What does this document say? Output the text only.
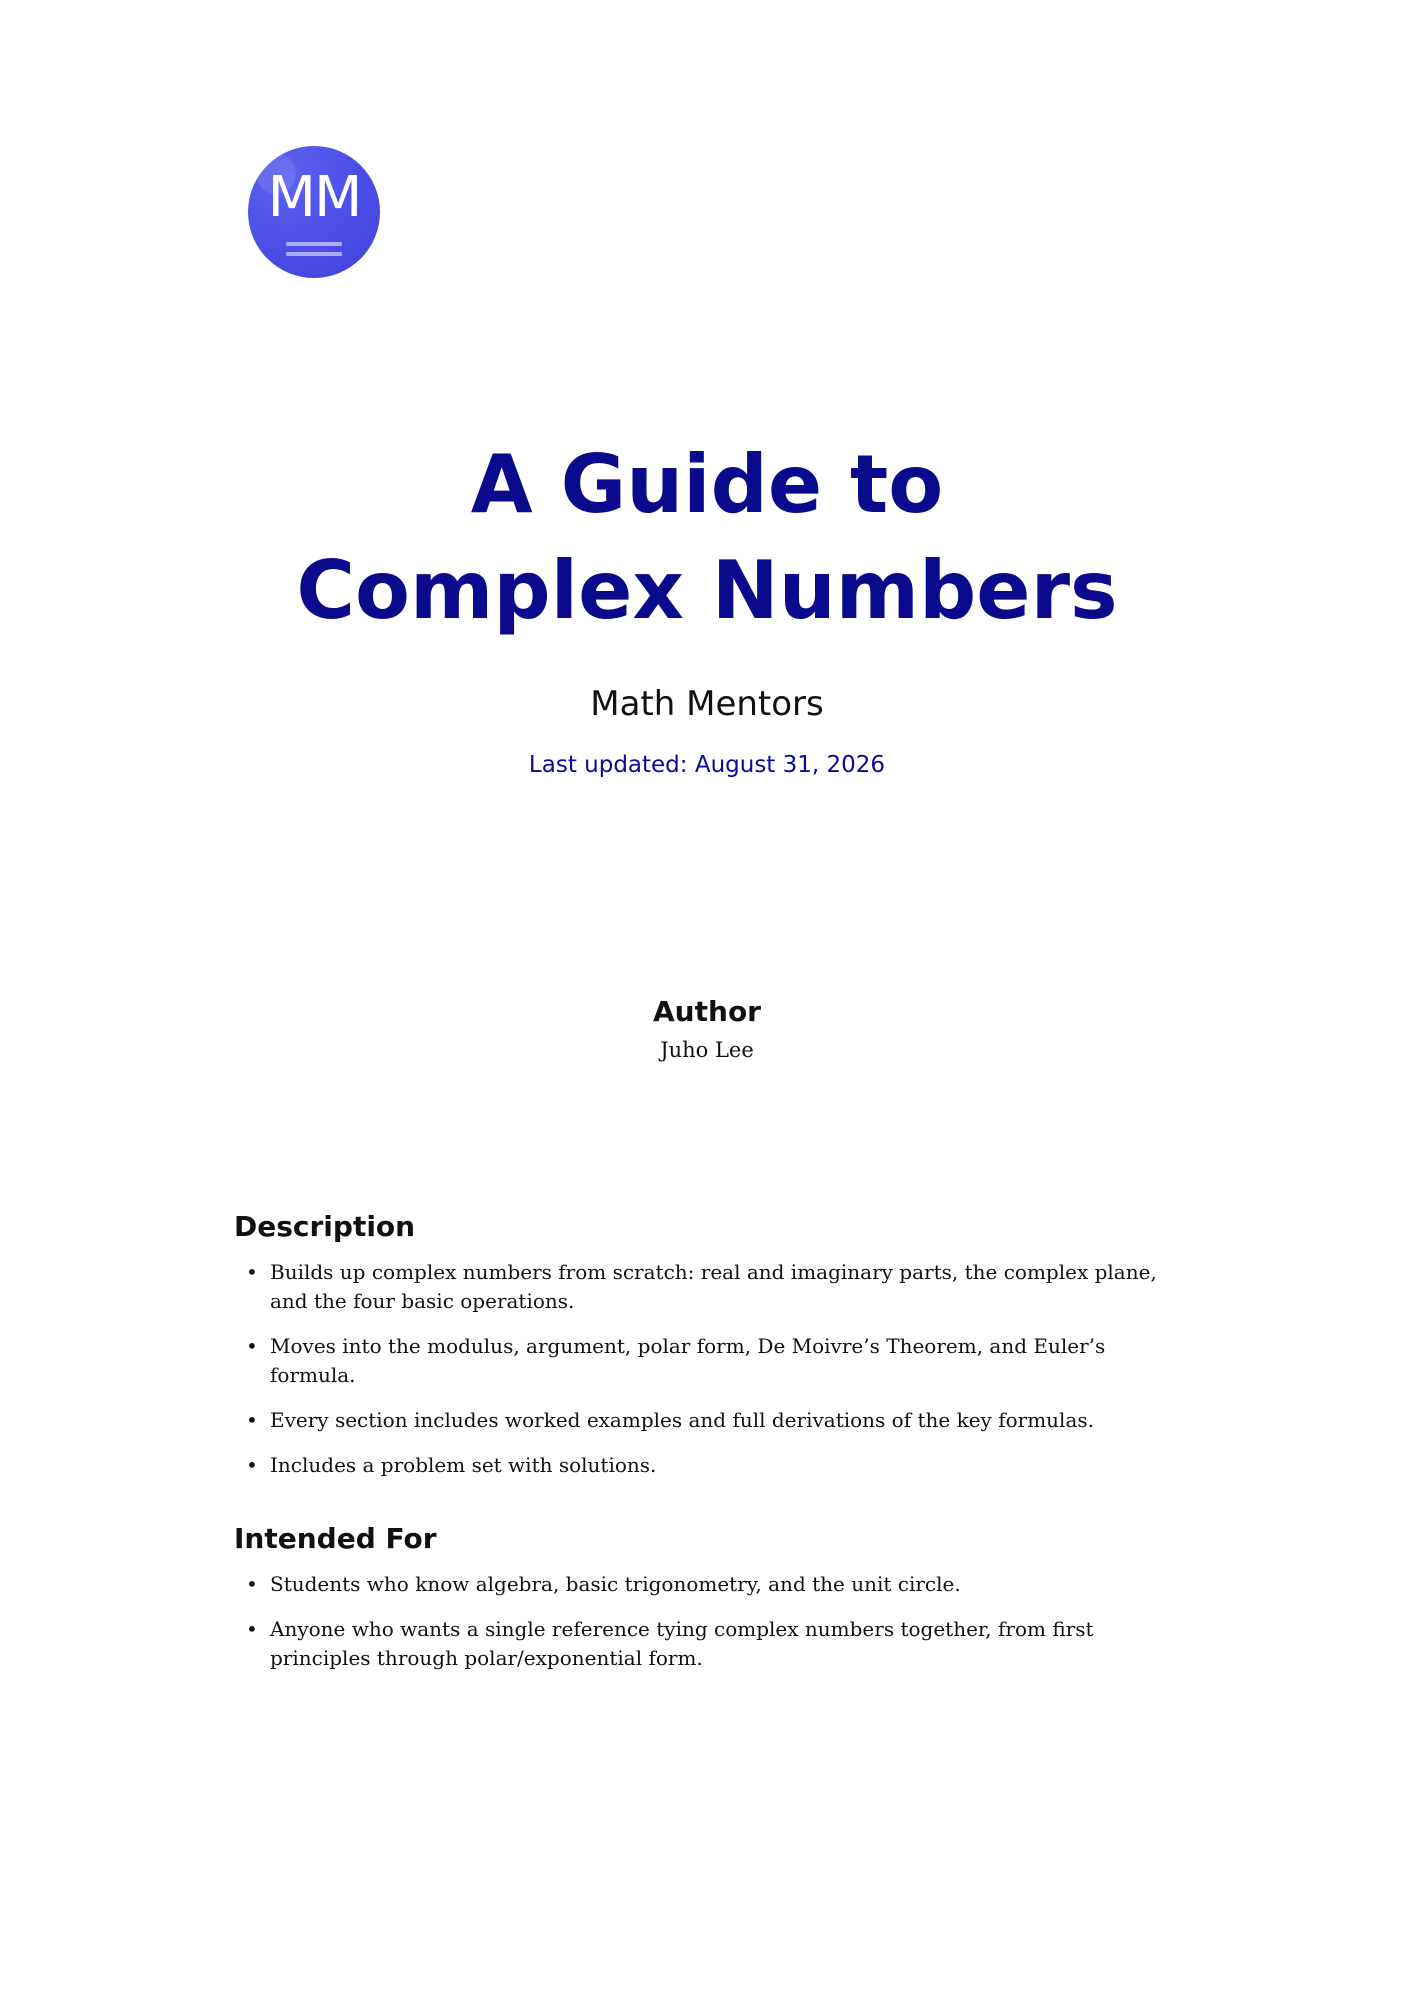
MM
A Guide to
Complex Numbers
Math Mentors
Last updated: August 31, 2026
Author
Juho Lee
Description
• Builds up complex numbers from scratch: real and imaginary parts, the complex plane, and the four basic operations.
• Moves into the modulus, argument, polar form, De Moivre’s Theorem, and Euler’s formula.
• Every section includes worked examples and full derivations of the key formulas.
• Includes a problem set with solutions.
Intended For
• Students who know algebra, basic trigonometry, and the unit circle.
• Anyone who wants a single reference tying complex numbers together, from first principles through polar/exponential form.
